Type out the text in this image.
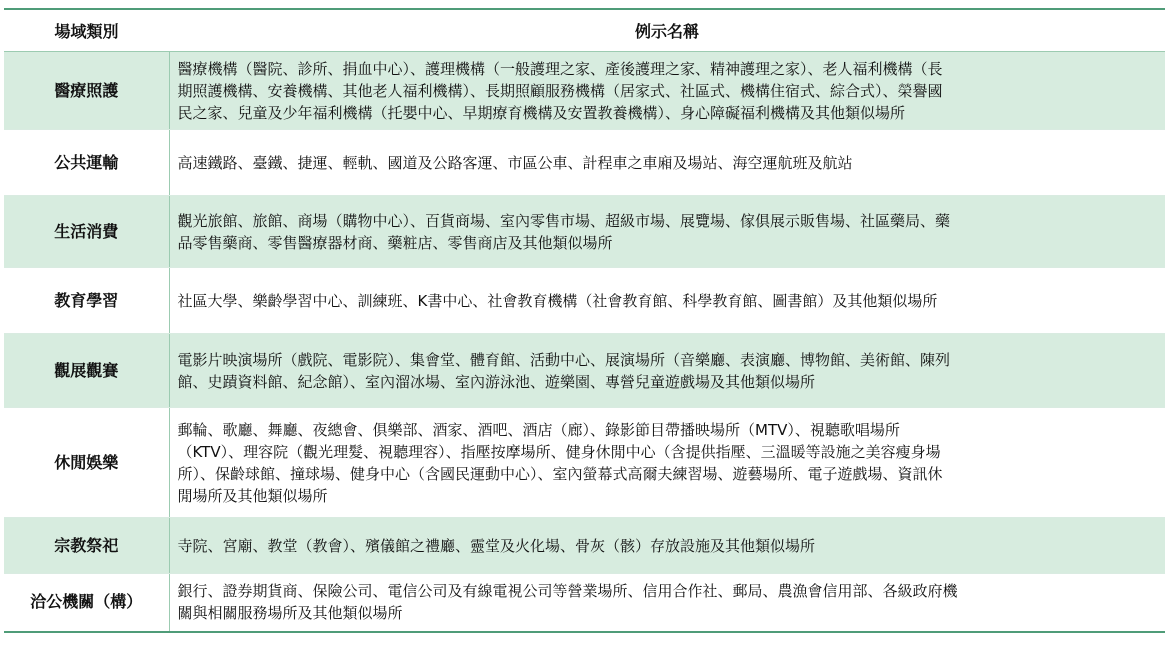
場域類別	例示名稱
醫療照護	醫療機構（醫院、診所、捐血中心）、護理機構（一般護理之家、產後護理之家、精神護理之家）、老人福利機構（長
期照護機構、安養機構、其他老人福利機構）、長期照顧服務機構（居家式、社區式、機構住宿式、綜合式）、榮譽國
民之家、兒童及少年福利機構（托嬰中心、早期療育機構及安置教養機構）、身心障礙福利機構及其他類似場所

公共運輸	高速鐵路、臺鐵、捷運、輕軌、國道及公路客運、市區公車、計程車之車廂及場站、海空運航班及航站

生活消費	觀光旅館、旅館、商場（購物中心）、百貨商場、室內零售市場、超級市場、展覽場、傢俱展示販售場、社區藥局、藥
品零售藥商、零售醫療器材商、藥粧店、零售商店及其他類似場所

教育學習	社區大學、樂齡學習中心、訓練班、K書中心、社會教育機構（社會教育館、科學教育館、圖書館）及其他類似場所

觀展觀賽	電影片映演場所（戲院、電影院）、集會堂、體育館、活動中心、展演場所（音樂廳、表演廳、博物館、美術館、陳列
館、史蹟資料館、紀念館）、室內溜冰場、室內游泳池、遊樂園、專營兒童遊戲場及其他類似場所

休閒娛樂	郵輪、歌廳、舞廳、夜總會、俱樂部、酒家、酒吧、酒店（廊）、錄影節目帶播映場所（MTV）、視聽歌唱場所
（KTV）、理容院（觀光理髮、視聽理容）、指壓按摩場所、健身休閒中心（含提供指壓、三溫暖等設施之美容瘦身場
所）、保齡球館、撞球場、健身中心（含國民運動中心）、室內螢幕式高爾夫練習場、遊藝場所、電子遊戲場、資訊休
閒場所及其他類似場所

宗教祭祀	寺院、宮廟、教堂（教會）、殯儀館之禮廳、靈堂及火化場、骨灰（骸）存放設施及其他類似場所

洽公機關（構）	銀行、證券期貨商、保險公司、電信公司及有線電視公司等營業場所、信用合作社、郵局、農漁會信用部、各級政府機
關與相關服務場所及其他類似場所
